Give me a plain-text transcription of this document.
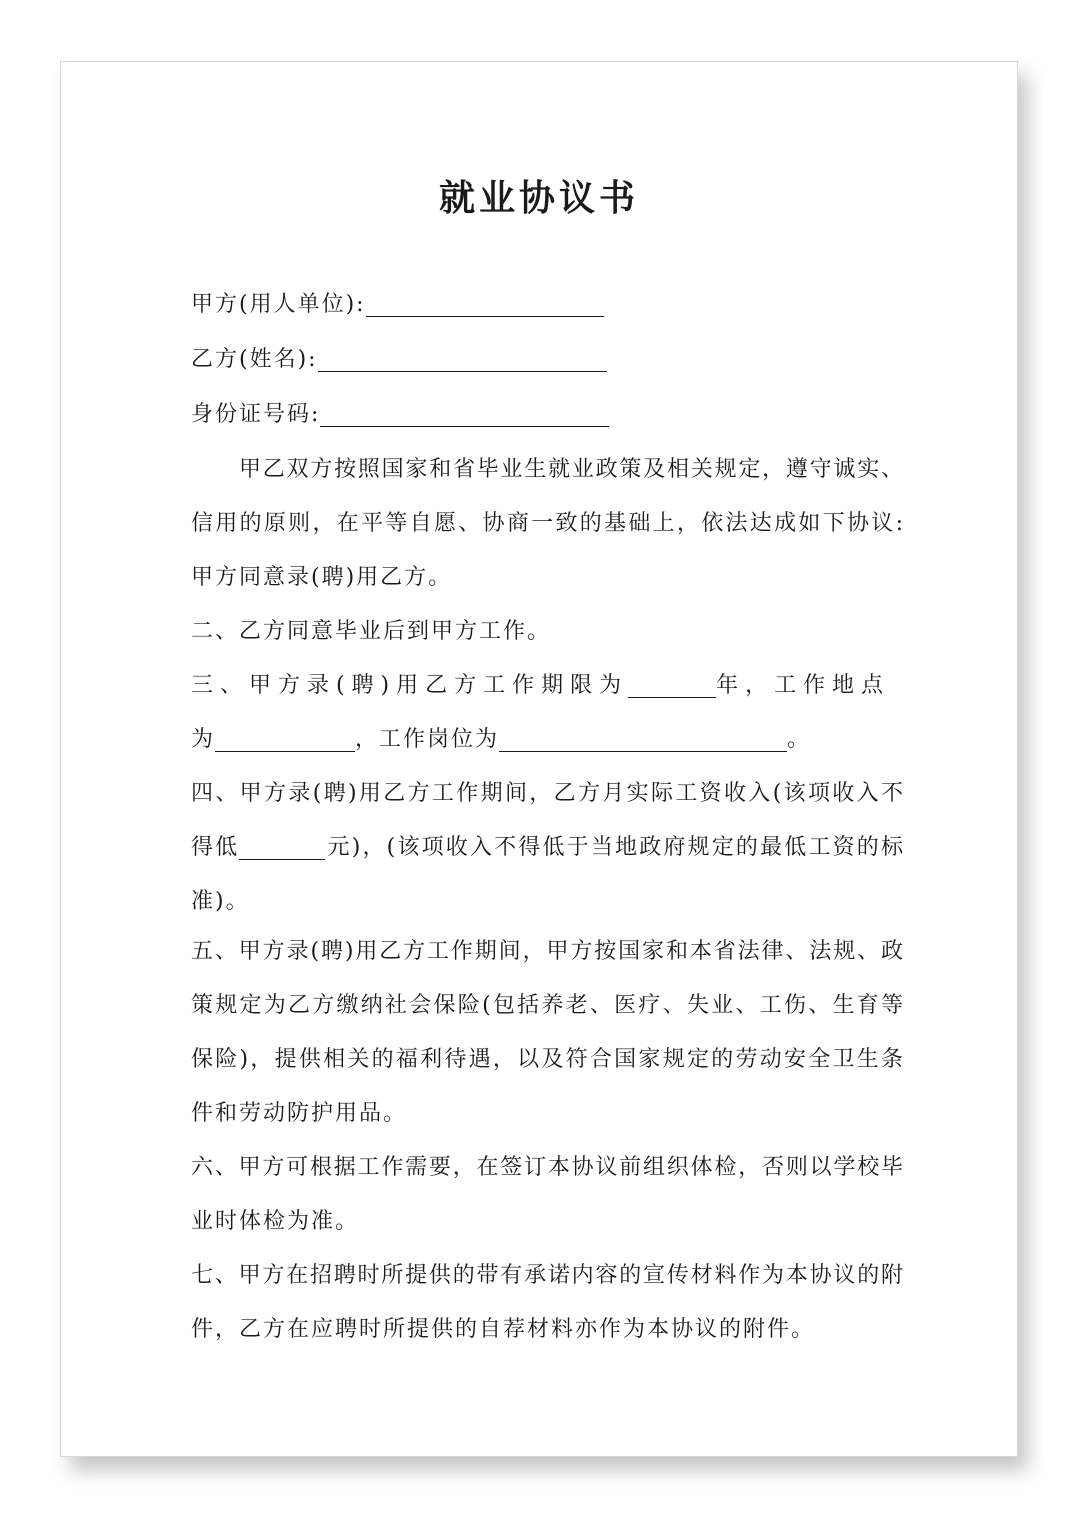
就业协议书
甲方(用人单位):
乙方(姓名):
身份证号码:
甲乙双方按照国家和省毕业生就业政策及相关规定，遵守诚实、
信用的原则，在平等自愿、协商一致的基础上，依法达成如下协议:
甲方同意录(聘)用乙方。
二、乙方同意毕业后到甲方工作。
三 、 甲 方 录 ( 聘 ) 用 乙 方 工 作 期 限 为	年 ， 工 作 地 点
为	，工作岗位为	。
四、甲方录(聘)用乙方工作期间，乙方月实际工资收入(该项收入不
得低	元)，(该项收入不得低于当地政府规定的最低工资的标
准)。
五、甲方录(聘)用乙方工作期间，甲方按国家和本省法律、法规、政
策规定为乙方缴纳社会保险(包括养老、医疗、失业、工伤、生育等
保险)，提供相关的福利待遇，以及符合国家规定的劳动安全卫生条
件和劳动防护用品。
六、甲方可根据工作需要，在签订本协议前组织体检，否则以学校毕
业时体检为准。
七、甲方在招聘时所提供的带有承诺内容的宣传材料作为本协议的附
件，乙方在应聘时所提供的自荐材料亦作为本协议的附件。
